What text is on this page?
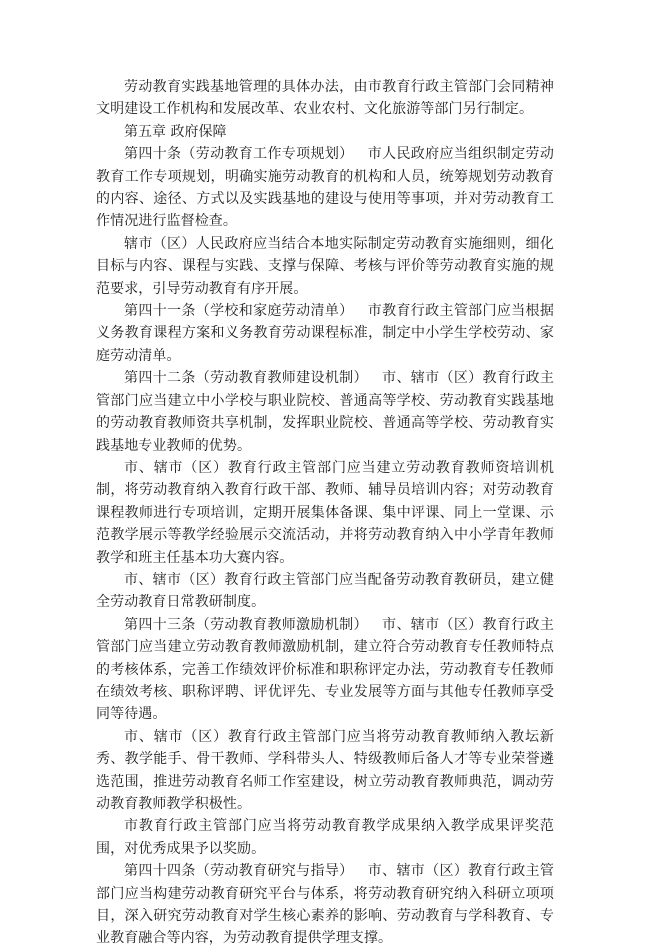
劳动教育实践基地管理的具体办法，由市教育行政主管部门会同精神文明建设工作机构和发展改革、农业农村、文化旅游等部门另行制定。

第五章 政府保障

第四十条（劳动教育工作专项规划） 市人民政府应当组织制定劳动教育工作专项规划，明确实施劳动教育的机构和人员，统筹规划劳动教育的内容、途径、方式以及实践基地的建设与使用等事项，并对劳动教育工作情况进行监督检查。

辖市（区）人民政府应当结合本地实际制定劳动教育实施细则，细化目标与内容、课程与实践、支撑与保障、考核与评价等劳动教育实施的规范要求，引导劳动教育有序开展。

第四十一条（学校和家庭劳动清单） 市教育行政主管部门应当根据义务教育课程方案和义务教育劳动课程标准，制定中小学生学校劳动、家庭劳动清单。

第四十二条（劳动教育教师建设机制） 市、辖市（区）教育行政主管部门应当建立中小学校与职业院校、普通高等学校、劳动教育实践基地的劳动教育教师资共享机制，发挥职业院校、普通高等学校、劳动教育实践基地专业教师的优势。

市、辖市（区）教育行政主管部门应当建立劳动教育教师资培训机制，将劳动教育纳入教育行政干部、教师、辅导员培训内容；对劳动教育课程教师进行专项培训，定期开展集体备课、集中评课、同上一堂课、示范教学展示等教学经验展示交流活动，并将劳动教育纳入中小学青年教师教学和班主任基本功大赛内容。

市、辖市（区）教育行政主管部门应当配备劳动教育教研员，建立健全劳动教育日常教研制度。

第四十三条（劳动教育教师激励机制） 市、辖市（区）教育行政主管部门应当建立劳动教育教师激励机制，建立符合劳动教育专任教师特点的考核体系，完善工作绩效评价标准和职称评定办法，劳动教育专任教师在绩效考核、职称评聘、评优评先、专业发展等方面与其他专任教师享受同等待遇。

市、辖市（区）教育行政主管部门应当将劳动教育教师纳入教坛新秀、教学能手、骨干教师、学科带头人、特级教师后备人才等专业荣誉遴选范围，推进劳动教育名师工作室建设，树立劳动教育教师典范，调动劳动教育教师教学积极性。

市教育行政主管部门应当将劳动教育教学成果纳入教学成果评奖范围，对优秀成果予以奖励。

第四十四条（劳动教育研究与指导） 市、辖市（区）教育行政主管部门应当构建劳动教育研究平台与体系，将劳动教育研究纳入科研立项项目，深入研究劳动教育对学生核心素养的影响、劳动教育与学科教育、专业教育融合等内容，为劳动教育提供学理支撑。
